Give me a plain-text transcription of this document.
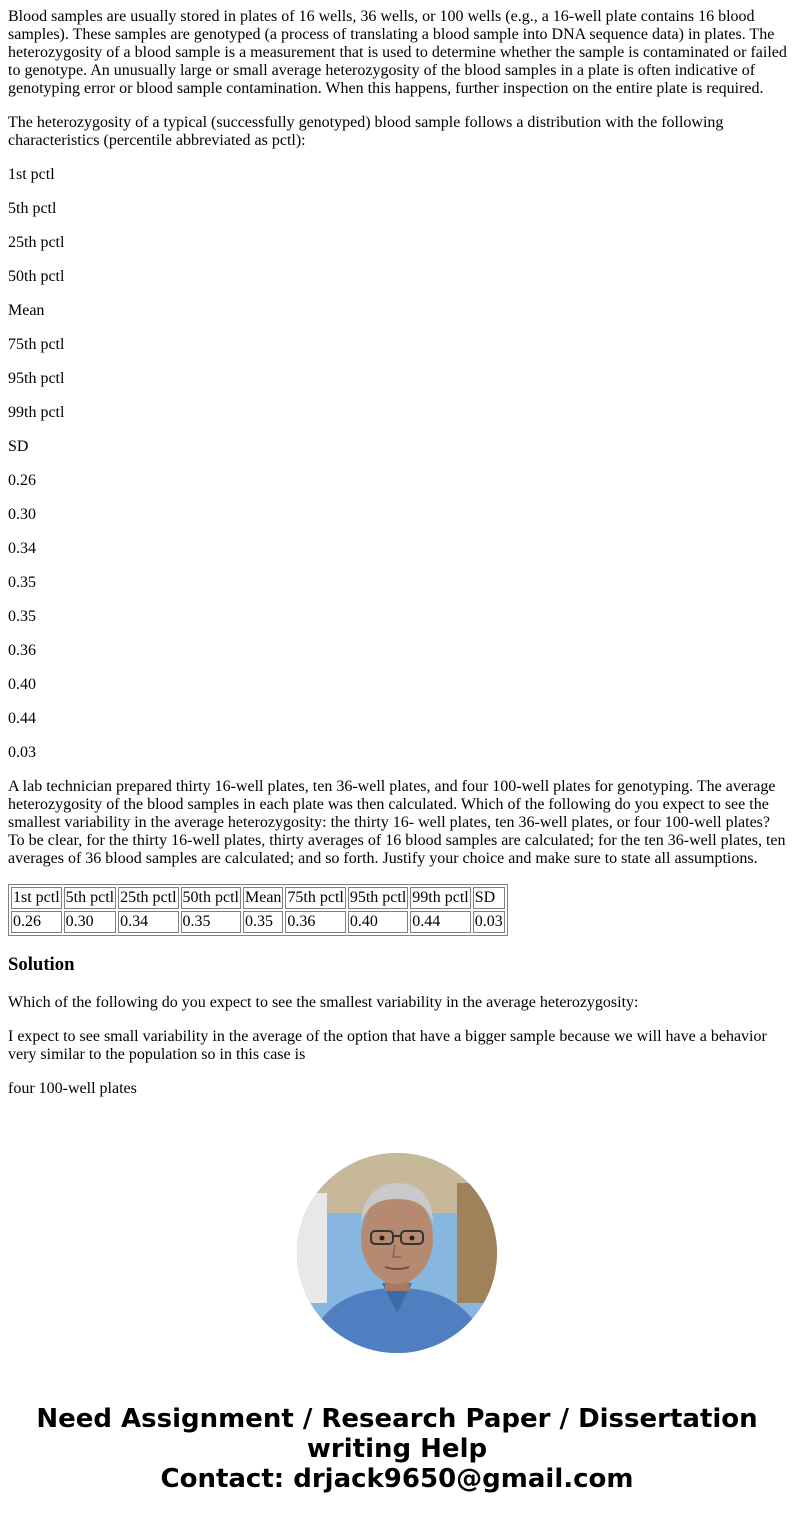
Blood samples are usually stored in plates of 16 wells, 36 wells, or 100 wells (e.g., a 16-well plate contains 16 blood samples). These samples are genotyped (a process of translating a blood sample into DNA sequence data) in plates. The heterozygosity of a blood sample is a measurement that is used to determine whether the sample is contaminated or failed to genotype. An unusually large or small average heterozygosity of the blood samples in a plate is often indicative of genotyping error or blood sample contamination. When this happens, further inspection on the entire plate is required.

The heterozygosity of a typical (successfully genotyped) blood sample follows a distribution with the following characteristics (percentile abbreviated as pctl):

1st pctl

5th pctl

25th pctl

50th pctl

Mean

75th pctl

95th pctl

99th pctl

SD

0.26

0.30

0.34

0.35

0.35

0.36

0.40

0.44

0.03

A lab technician prepared thirty 16-well plates, ten 36-well plates, and four 100-well plates for genotyping. The average heterozygosity of the blood samples in each plate was then calculated. Which of the following do you expect to see the smallest variability in the average heterozygosity: the thirty 16- well plates, ten 36-well plates, or four 100-well plates? To be clear, for the thirty 16-well plates, thirty averages of 16 blood samples are calculated; for the ten 36-well plates, ten averages of 36 blood samples are calculated; and so forth. Justify your choice and make sure to state all assumptions.

1st pctl	5th pctl	25th pctl	50th pctl	Mean	75th pctl	95th pctl	99th pctl	SD
0.26	0.30	0.34	0.35	0.35	0.36	0.40	0.44	0.03
Solution

Which of the following do you expect to see the smallest variability in the average heterozygosity:

I expect to see small variability in the average of the option that have a bigger sample because we will have a behavior very similar to the population so in this case is

four 100-well plates

Need Assignment / Research Paper / Dissertation
writing Help
Contact: drjack9650@gmail.com
